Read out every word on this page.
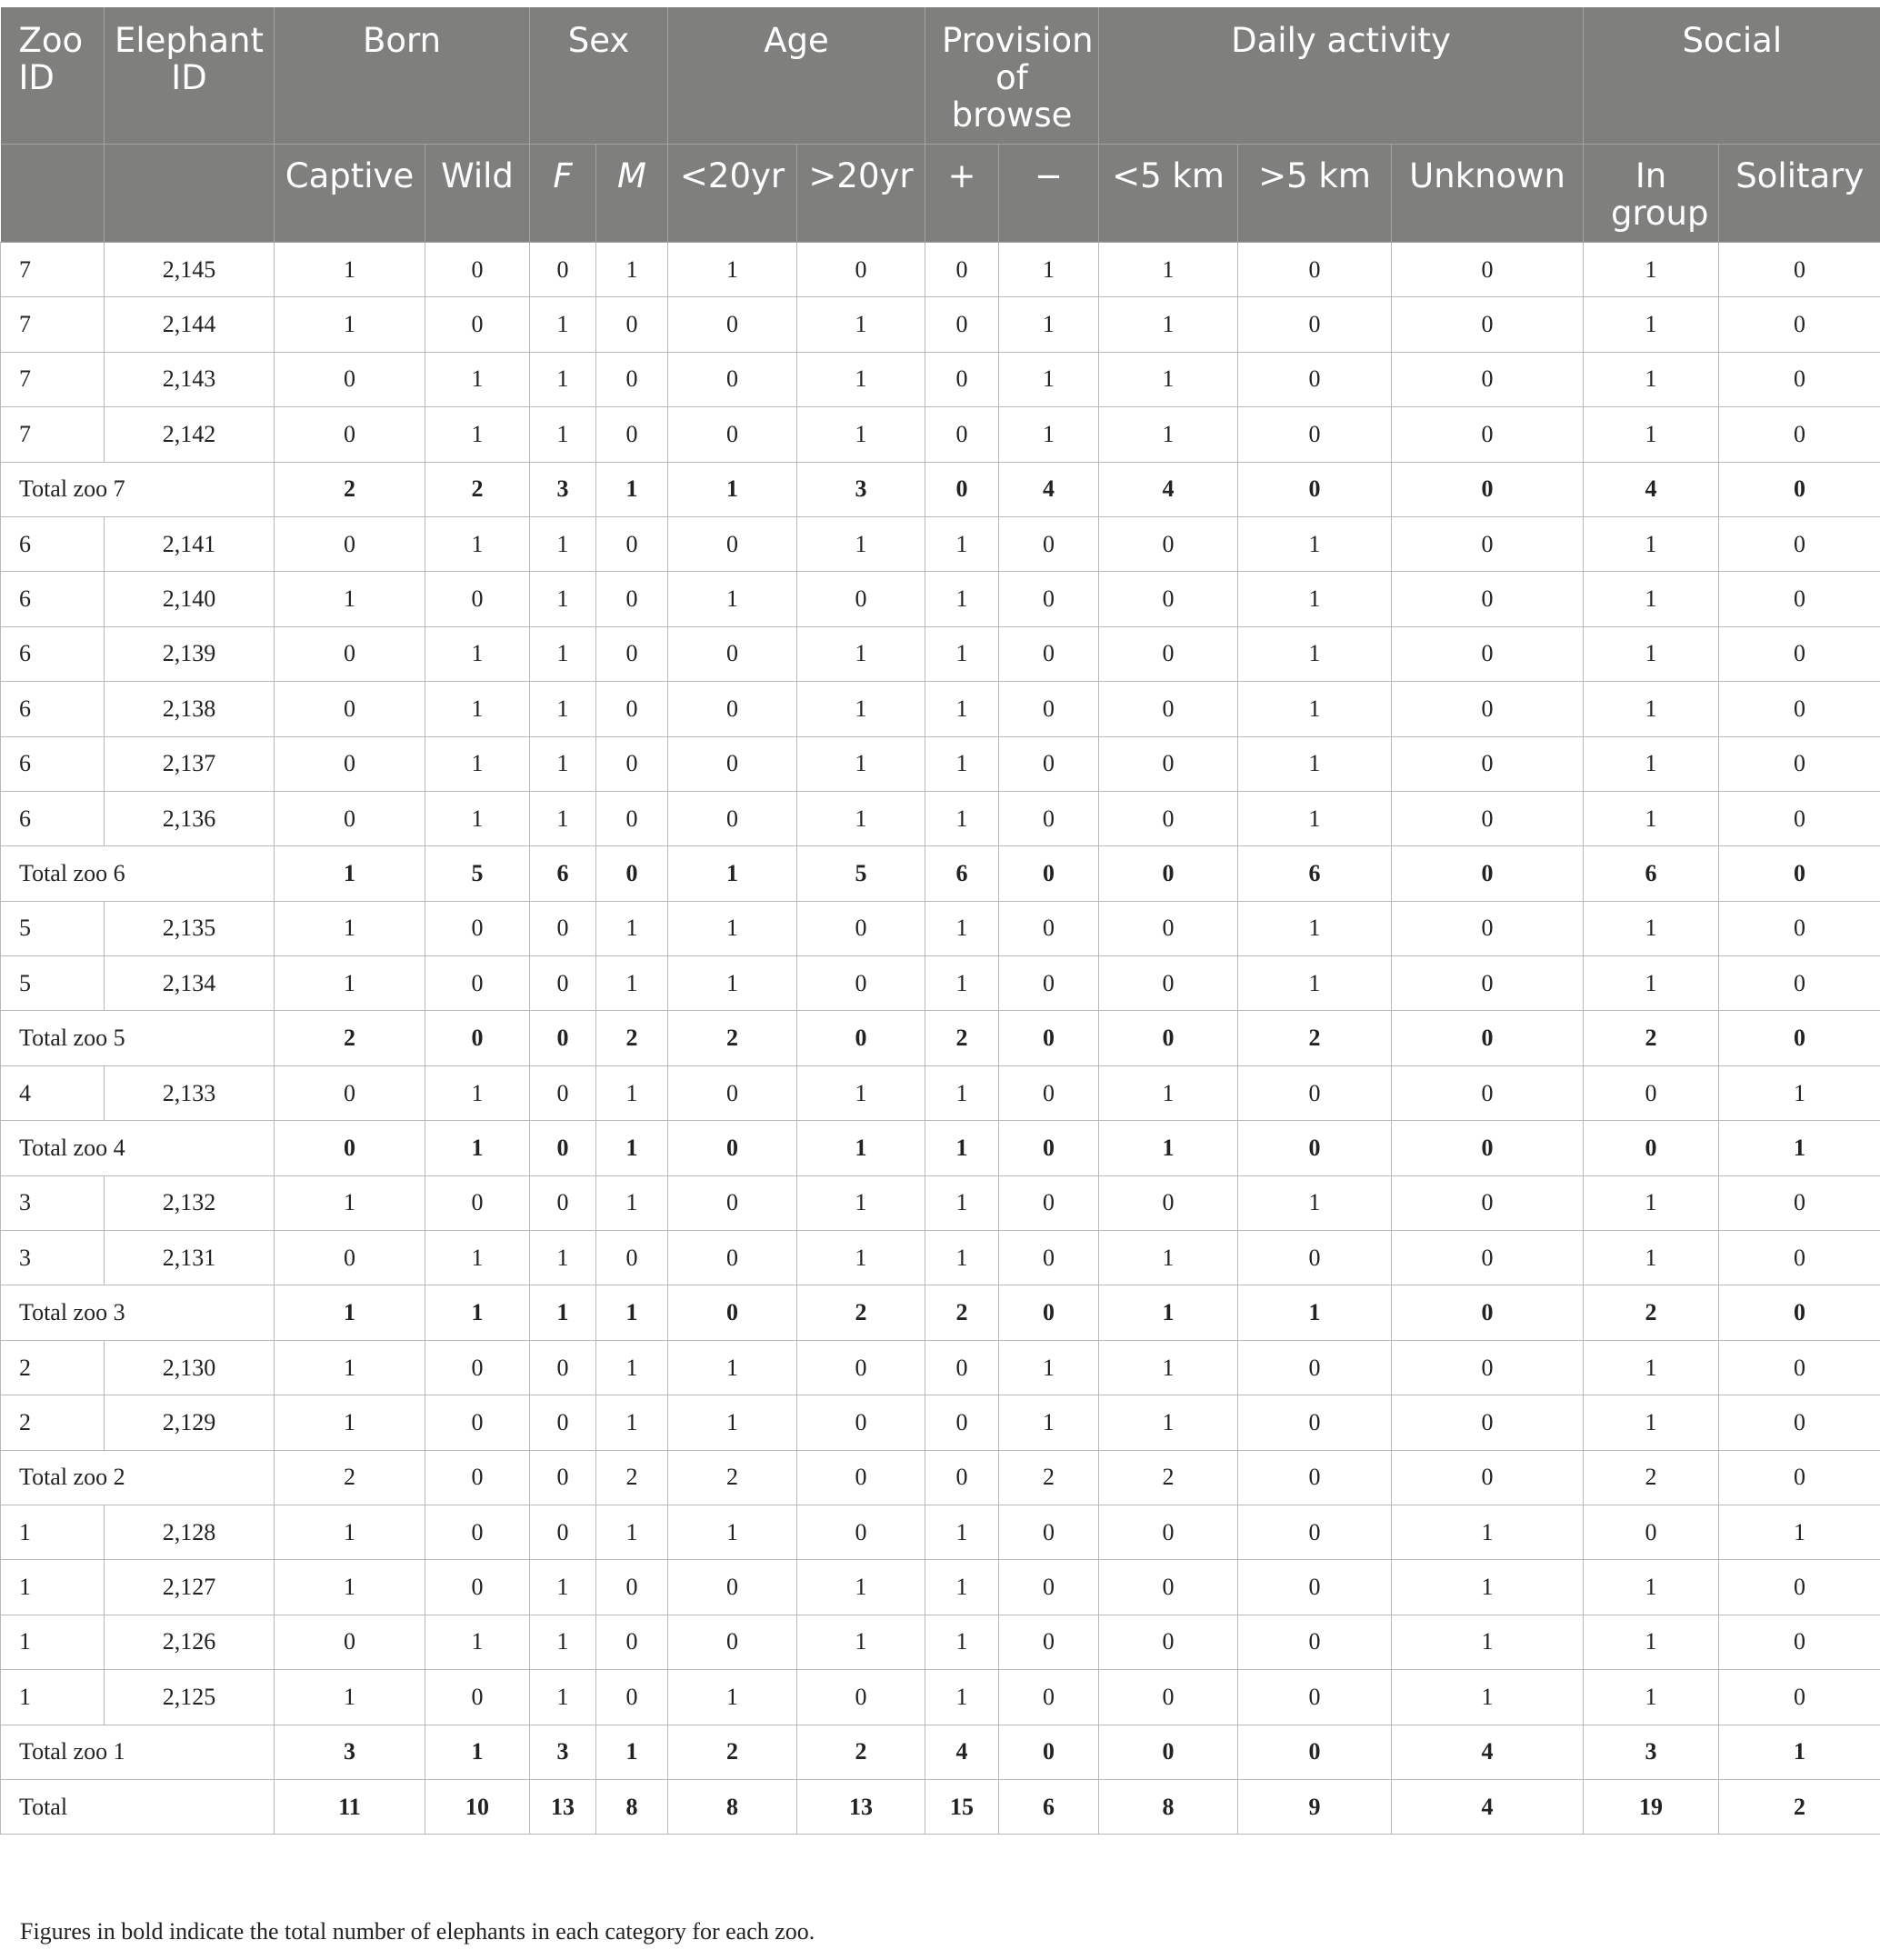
Zoo ID	Elephant ID	Born		Sex		Age		Provision of browse		Daily activity			Social	
		Captive	Wild	F	M	<20yr	>20yr	+	−	<5 km	>5 km	Unknown	In group	Solitary
7	2,145	1	0	0	1	1	0	0	1	1	0	0	1	0
7	2,144	1	0	1	0	0	1	0	1	1	0	0	1	0
7	2,143	0	1	1	0	0	1	0	1	1	0	0	1	0
7	2,142	0	1	1	0	0	1	0	1	1	0	0	1	0
Total zoo 7		2	2	3	1	1	3	0	4	4	0	0	4	0
6	2,141	0	1	1	0	0	1	1	0	0	1	0	1	0
6	2,140	1	0	1	0	1	0	1	0	0	1	0	1	0
6	2,139	0	1	1	0	0	1	1	0	0	1	0	1	0
6	2,138	0	1	1	0	0	1	1	0	0	1	0	1	0
6	2,137	0	1	1	0	0	1	1	0	0	1	0	1	0
6	2,136	0	1	1	0	0	1	1	0	0	1	0	1	0
Total zoo 6		1	5	6	0	1	5	6	0	0	6	0	6	0
5	2,135	1	0	0	1	1	0	1	0	0	1	0	1	0
5	2,134	1	0	0	1	1	0	1	0	0	1	0	1	0
Total zoo 5		2	0	0	2	2	0	2	0	0	2	0	2	0
4	2,133	0	1	0	1	0	1	1	0	1	0	0	0	1
Total zoo 4		0	1	0	1	0	1	1	0	1	0	0	0	1
3	2,132	1	0	0	1	0	1	1	0	0	1	0	1	0
3	2,131	0	1	1	0	0	1	1	0	1	0	0	1	0
Total zoo 3		1	1	1	1	0	2	2	0	1	1	0	2	0
2	2,130	1	0	0	1	1	0	0	1	1	0	0	1	0
2	2,129	1	0	0	1	1	0	0	1	1	0	0	1	0
Total zoo 2		2	0	0	2	2	0	0	2	2	0	0	2	0
1	2,128	1	0	0	1	1	0	1	0	0	0	1	0	1
1	2,127	1	0	1	0	0	1	1	0	0	0	1	1	0
1	2,126	0	1	1	0	0	1	1	0	0	0	1	1	0
1	2,125	1	0	1	0	1	0	1	0	0	0	1	1	0
Total zoo 1		3	1	3	1	2	2	4	0	0	0	4	3	1
Total		11	10	13	8	8	13	15	6	8	9	4	19	2
Figures in bold indicate the total number of elephants in each category for each zoo.
